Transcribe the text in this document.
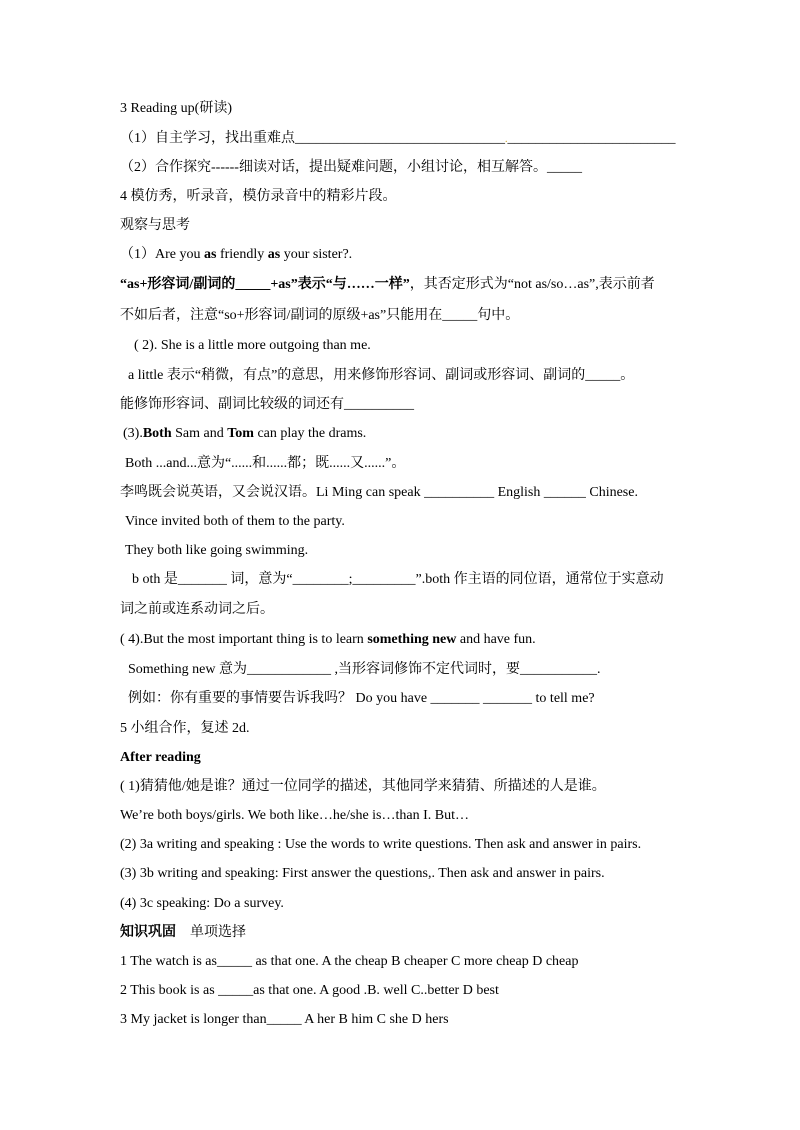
3 Reading up(研读)
（1）自主学习，找出重难点______________________________.________________________
（2）合作探究------细读对话，提出疑难问题，小组讨论，相互解答。_____
4 模仿秀，听录音，模仿录音中的精彩片段。
观察与思考
（1）Are you as friendly as your sister?.
“as+形容词/副词的_____+as”表示“与……一样”，其否定形式为“not as/so…as”,表示前者
不如后者，注意“so+形容词/副词的原级+as”只能用在_____句中。
( 2). She is a little more outgoing than me.
a little 表示“稍微，有点”的意思，用来修饰形容词、副词或形容词、副词的_____。
能修饰形容词、副词比较级的词还有__________
(3).Both Sam and Tom can play the drams.
Both ...and...意为“......和......都；既......又......”。
李鸣既会说英语，又会说汉语。Li Ming can speak __________ English ______ Chinese.
Vince invited both of them to the party.
They both like going swimming.
b oth 是_______ 词，意为“________;_________”.both 作主语的同位语，通常位于实意动
词之前或连系动词之后。
( 4).But the most important thing is to learn something new and have fun.
Something new 意为____________ ,当形容词修饰不定代词时，要___________.
例如：你有重要的事情要告诉我吗？ Do you have _______ _______ to tell me?
5 小组合作，复述 2d.
After reading
( 1)猜猜他/她是谁？通过一位同学的描述，其他同学来猜猜、所描述的人是谁。
We’re both boys/girls. We both like…he/she is…than I. But…
(2) 3a writing and speaking : Use the words to write questions. Then ask and answer in pairs.
(3) 3b writing and speaking: First answer the questions,. Then ask and answer in pairs.
(4) 3c speaking: Do a survey.
知识巩固    单项选择
1 The watch is as_____ as that one. A the cheap B cheaper C more cheap D cheap
2 This book is as _____as that one. A good .B. well C..better D best
3 My jacket is longer than_____ A her B him C she D hers
